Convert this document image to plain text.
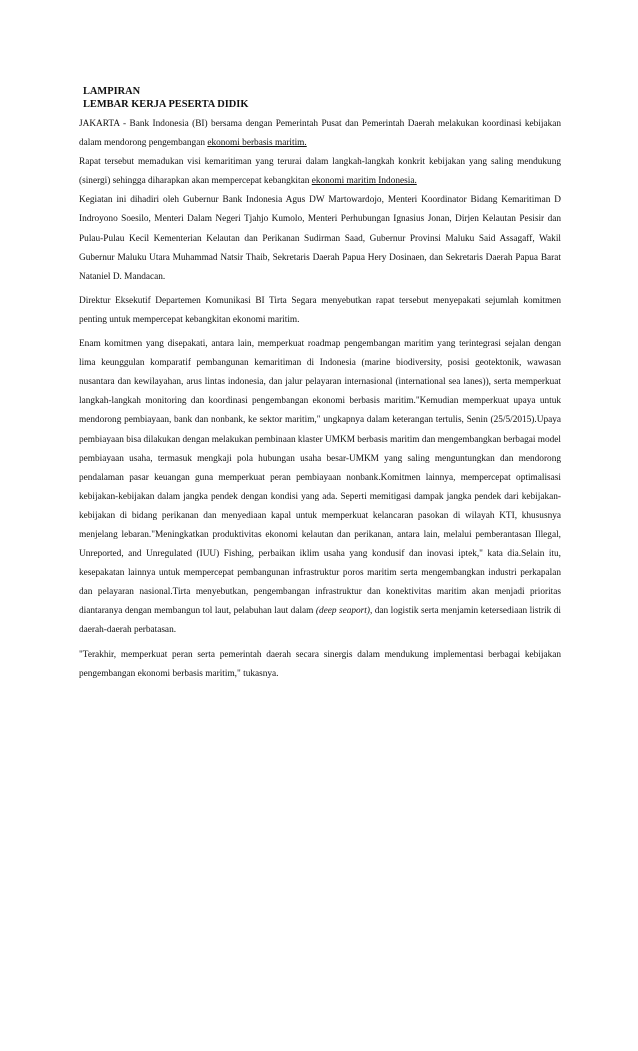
LAMPIRAN

LEMBAR KERJA PESERTA DIDIK

JAKARTA - Bank Indonesia (BI) bersama dengan Pemerintah Pusat dan Pemerintah Daerah melakukan koordinasi kebijakan dalam mendorong pengembangan ekonomi berbasis maritim.

Rapat tersebut memadukan visi kemaritiman yang terurai dalam langkah-langkah konkrit kebijakan yang saling mendukung (sinergi) sehingga diharapkan akan mempercepat kebangkitan ekonomi maritim Indonesia.

Kegiatan ini dihadiri oleh Gubernur Bank Indonesia Agus DW Martowardojo, Menteri Koordinator Bidang Kemaritiman D Indroyono Soesilo, Menteri Dalam Negeri Tjahjo Kumolo, Menteri Perhubungan Ignasius Jonan, Dirjen Kelautan Pesisir dan Pulau-Pulau Kecil Kementerian Kelautan dan Perikanan Sudirman Saad, Gubernur Provinsi Maluku Said Assagaff, Wakil Gubernur Maluku Utara Muhammad Natsir Thaib, Sekretaris Daerah Papua Hery Dosinaen, dan Sekretaris Daerah Papua Barat Nataniel D. Mandacan.

Direktur Eksekutif Departemen Komunikasi BI Tirta Segara menyebutkan rapat tersebut menyepakati sejumlah komitmen penting untuk mempercepat kebangkitan ekonomi maritim.

Enam komitmen yang disepakati, antara lain, memperkuat roadmap pengembangan maritim yang terintegrasi sejalan dengan lima keunggulan komparatif pembangunan kemaritiman di Indonesia (marine biodiversity, posisi geotektonik, wawasan nusantara dan kewilayahan, arus lintas indonesia, dan jalur pelayaran internasional (international sea lanes)), serta memperkuat langkah-langkah monitoring dan koordinasi pengembangan ekonomi berbasis maritim."Kemudian memperkuat upaya untuk mendorong pembiayaan, bank dan nonbank, ke sektor maritim," ungkapnya dalam keterangan tertulis, Senin (25/5/2015).Upaya pembiayaan bisa dilakukan dengan melakukan pembinaan klaster UMKM berbasis maritim dan mengembangkan berbagai model pembiayaan usaha, termasuk mengkaji pola hubungan usaha besar-UMKM yang saling menguntungkan dan mendorong pendalaman pasar keuangan guna memperkuat peran pembiayaan nonbank.Komitmen lainnya, mempercepat optimalisasi kebijakan-kebijakan dalam jangka pendek dengan kondisi yang ada. Seperti memitigasi dampak jangka pendek dari kebijakan-kebijakan di bidang perikanan dan menyediaan kapal untuk memperkuat kelancaran pasokan di wilayah KTI, khususnya menjelang lebaran."Meningkatkan produktivitas ekonomi kelautan dan perikanan, antara lain, melalui pemberantasan Illegal, Unreported, and Unregulated (IUU) Fishing, perbaikan iklim usaha yang kondusif dan inovasi iptek," kata dia.Selain itu, kesepakatan lainnya untuk mempercepat pembangunan infrastruktur poros maritim serta mengembangkan industri perkapalan dan pelayaran nasional.Tirta menyebutkan, pengembangan infrastruktur dan konektivitas maritim akan menjadi prioritas diantaranya dengan membangun tol laut, pelabuhan laut dalam (deep seaport), dan logistik serta menjamin ketersediaan listrik di daerah-daerah perbatasan.

"Terakhir, memperkuat peran serta pemerintah daerah secara sinergis dalam mendukung implementasi berbagai kebijakan pengembangan ekonomi berbasis maritim," tukasnya.
